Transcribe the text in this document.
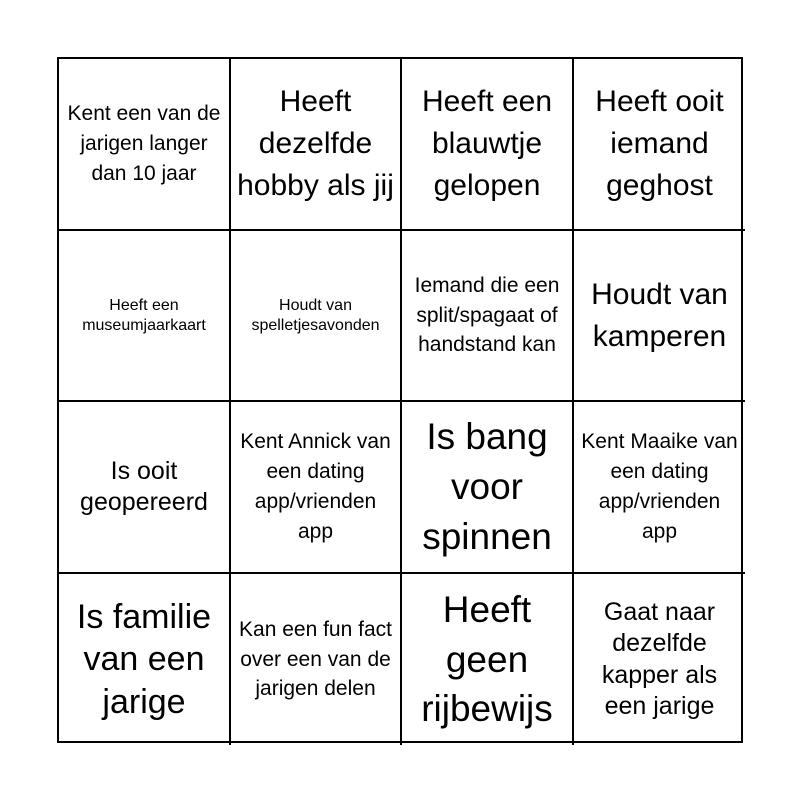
Kent een van de jarigen langer dan 10 jaar
Heeft dezelfde hobby als jij
Heeft een blauwtje gelopen
Heeft ooit iemand geghost
Heeft een museumjaarkaart
Houdt van spelletjesavonden
Iemand die een split/spagaat of handstand kan
Houdt van kamperen
Is ooit geopereerd
Kent Annick van een dating app/vrienden app
Is bang voor spinnen
Kent Maaike van een dating app/vrienden app
Is familie van een jarige
Kan een fun fact over een van de jarigen delen
Heeft geen rijbewijs
Gaat naar dezelfde kapper als een jarige
